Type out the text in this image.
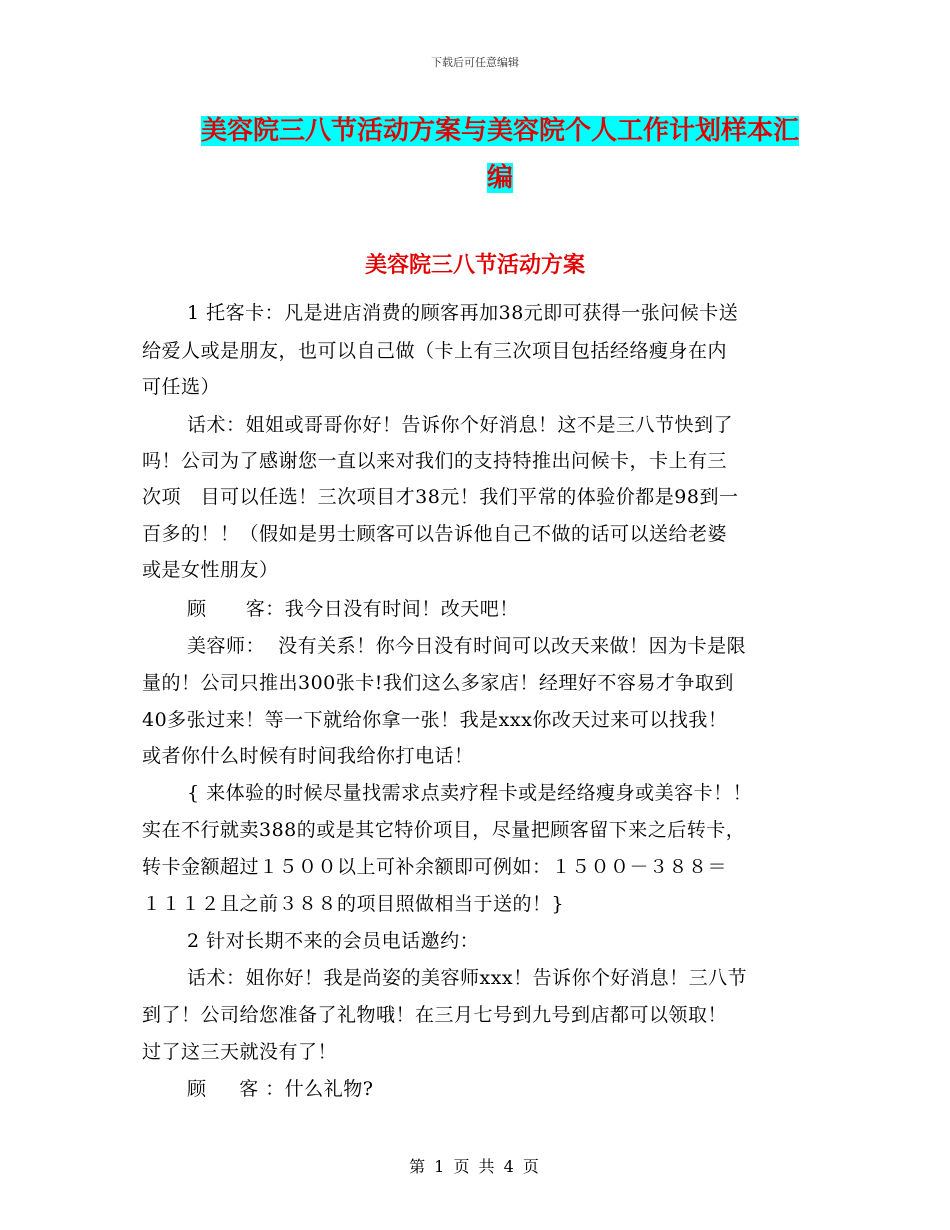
下载后可任意编辑
美容院三八节活动方案与美容院个人工作计划样本汇
编
美容院三八节活动方案
1 托客卡：凡是进店消费的顾客再加38元即可获得一张问候卡送
给爱人或是朋友，也可以自己做（卡上有三次项目包括经络瘦身在内
可任选）
话术：姐姐或哥哥你好！告诉你个好消息！这不是三八节快到了
吗！公司为了感谢您一直以来对我们的支持特推出问候卡，卡上有三
次项   目可以任选！三次项目才38元！我们平常的体验价都是98到一
百多的！！（假如是男士顾客可以告诉他自己不做的话可以送给老婆
或是女性朋友）
顾      客：我今日没有时间！改天吧！
美容师：  没有关系！你今日没有时间可以改天来做！因为卡是限
量的！公司只推出300张卡!我们这么多家店！经理好不容易才争取到
40多张过来！等一下就给你拿一张！我是xxx你改天过来可以找我！
或者你什么时候有时间我给你打电话！
{ 来体验的时候尽量找需求点卖疗程卡或是经络瘦身或美容卡！！
实在不行就卖388的或是其它特价项目，尽量把顾客留下来之后转卡，
转卡金额超过１５００以上可补余额即可例如：１５００－３８８＝
１１１２且之前３８８的项目照做相当于送的！}
2 针对长期不来的会员电话邀约：
话术：姐你好！我是尚姿的美容师xxx！告诉你个好消息！三八节
到了！公司给您准备了礼物哦！在三月七号到九号到店都可以领取！
过了这三天就没有了！
顾     客 ：什么礼物?
第 1 页 共 4 页
